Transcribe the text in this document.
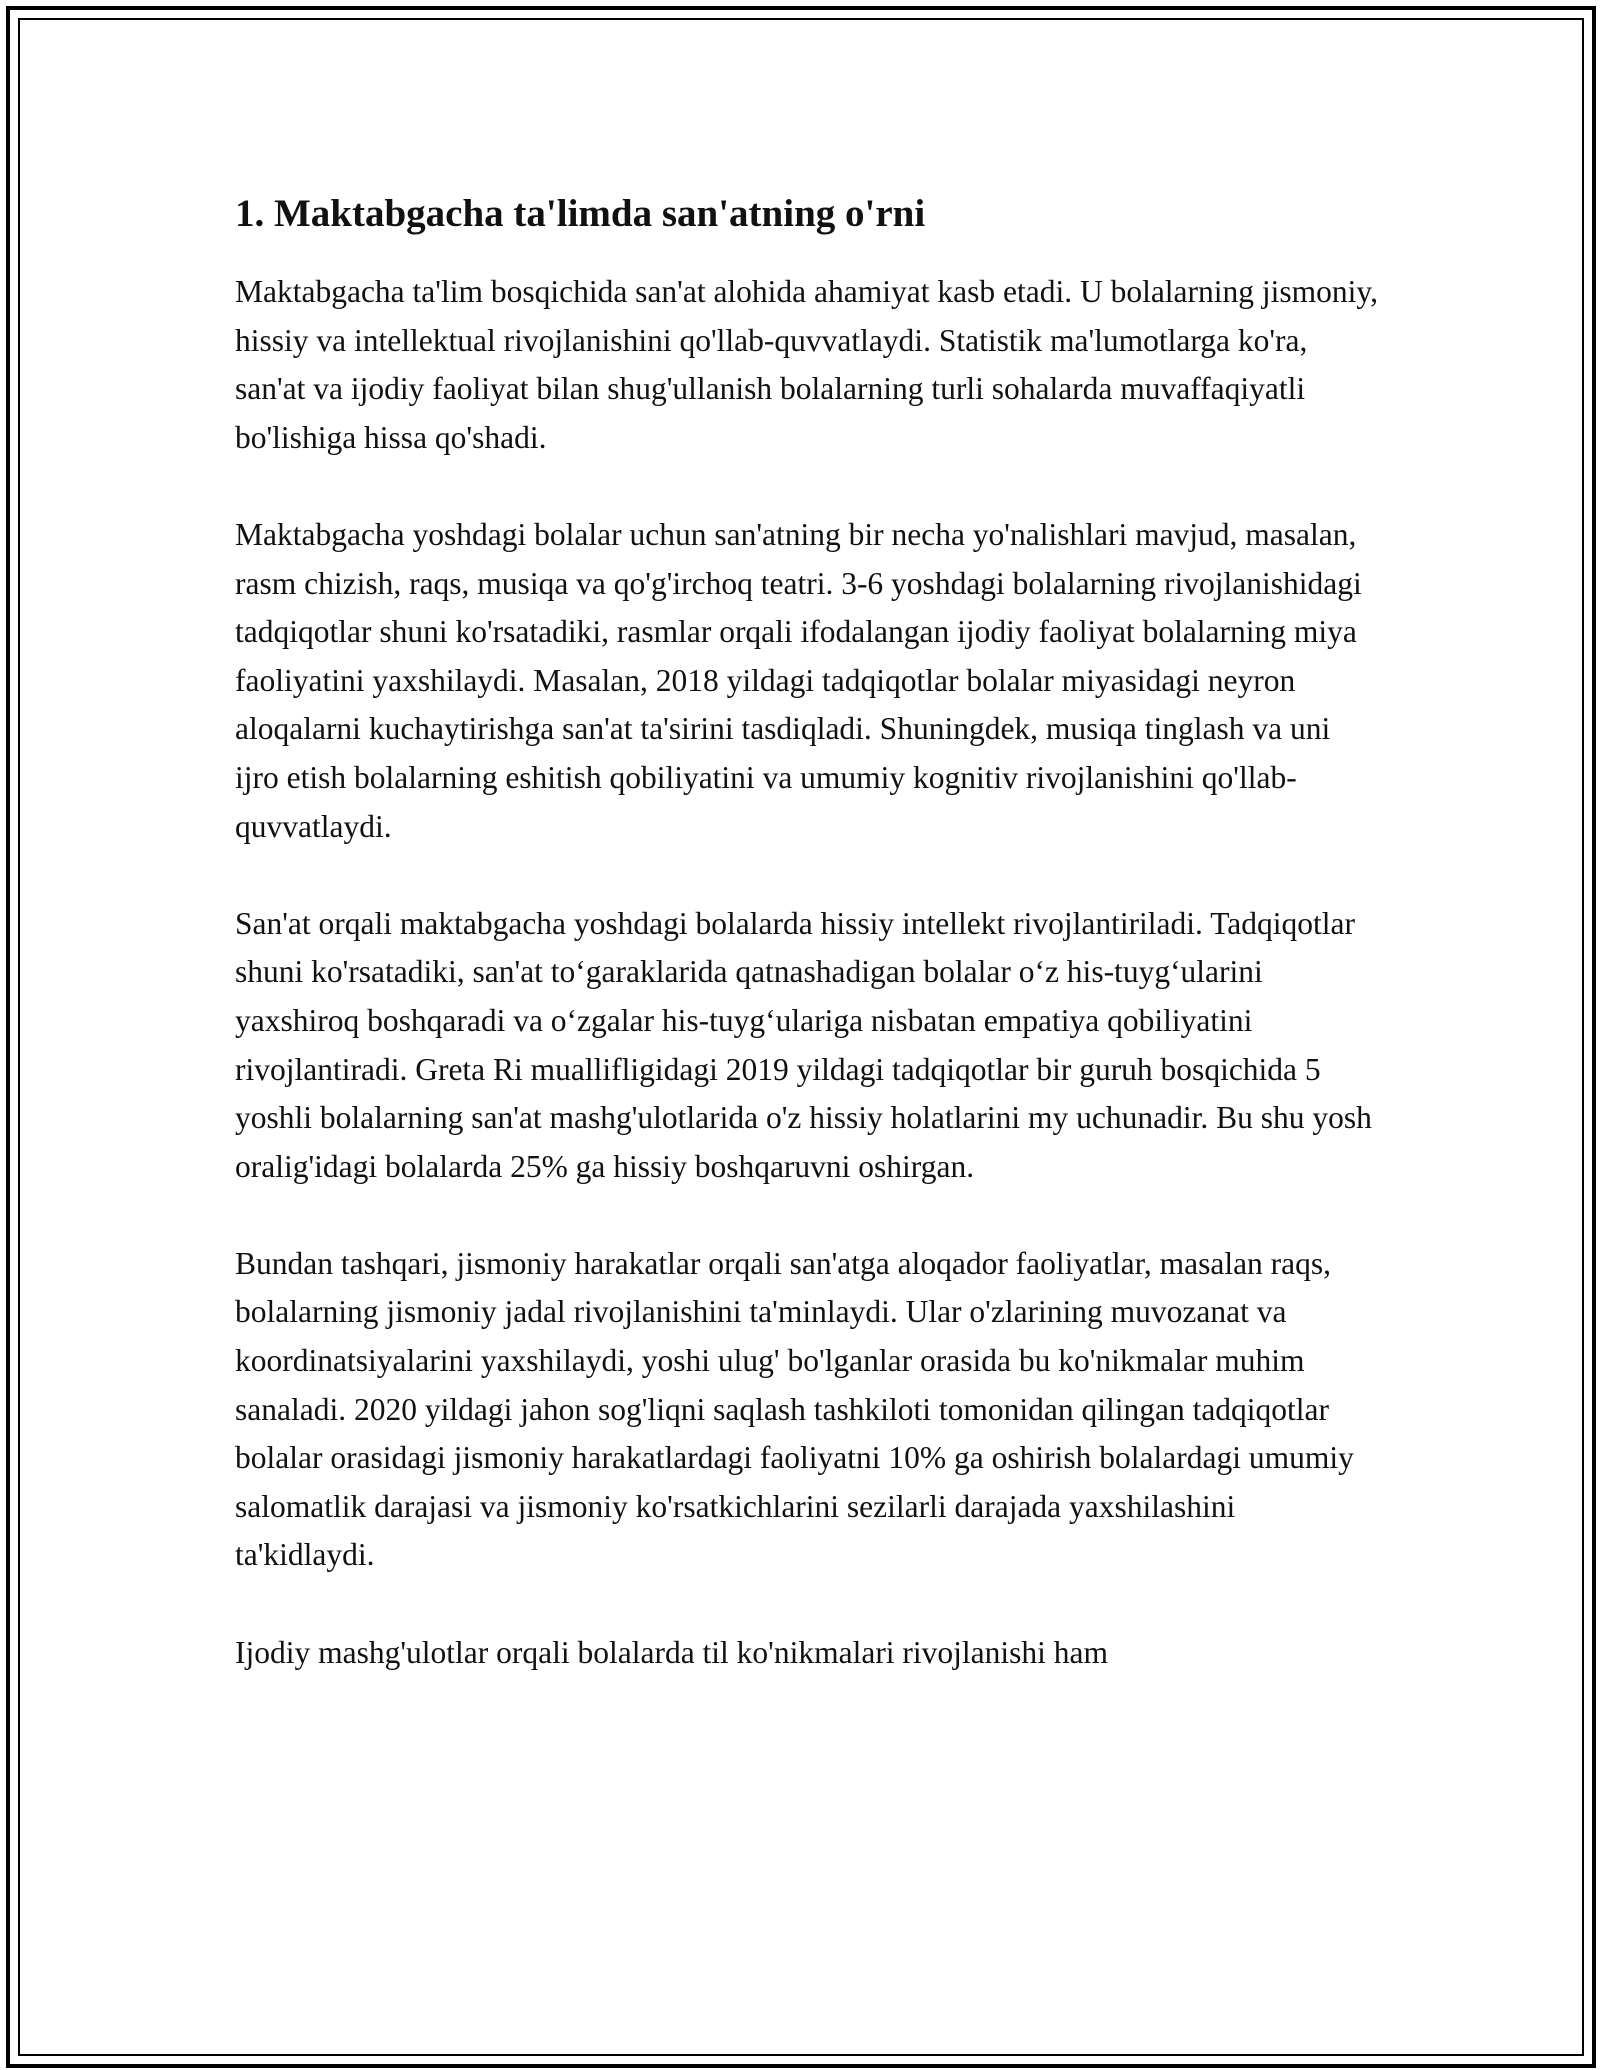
1. Maktabgacha ta'limda san'atning o'rni

Maktabgacha ta'lim bosqichida san'at alohida ahamiyat kasb etadi. U bolalarning jismoniy, hissiy va intellektual rivojlanishini qo'llab-quvvatlaydi. Statistik ma'lumotlarga ko'ra, san'at va ijodiy faoliyat bilan shug'ullanish bolalarning turli sohalarda muvaffaqiyatli bo'lishiga hissa qo'shadi.

Maktabgacha yoshdagi bolalar uchun san'atning bir necha yo'nalishlari mavjud, masalan, rasm chizish, raqs, musiqa va qo'g'irchoq teatri. 3-6 yoshdagi bolalarning rivojlanishidagi tadqiqotlar shuni ko'rsatadiki, rasmlar orqali ifodalangan ijodiy faoliyat bolalarning miya faoliyatini yaxshilaydi. Masalan, 2018 yildagi tadqiqotlar bolalar miyasidagi neyron aloqalarni kuchaytirishga san'at ta'sirini tasdiqladi. Shuningdek, musiqa tinglash va uni ijro etish bolalarning eshitish qobiliyatini va umumiy kognitiv rivojlanishini qo'llab-quvvatlaydi.

San'at orqali maktabgacha yoshdagi bolalarda hissiy intellekt rivojlantiriladi. Tadqiqotlar shuni ko'rsatadiki, san'at to‘garaklarida qatnashadigan bolalar o‘z his-tuyg‘ularini yaxshiroq boshqaradi va o‘zgalar his-tuyg‘ulariga nisbatan empatiya qobiliyatini rivojlantiradi. Greta Ri muallifligidagi 2019 yildagi tadqiqotlar bir guruh bosqichida 5 yoshli bolalarning san'at mashg'ulotlarida o'z hissiy holatlarini my uchunadir. Bu shu yosh oralig'idagi bolalarda 25% ga hissiy boshqaruvni oshirgan.

Bundan tashqari, jismoniy harakatlar orqali san'atga aloqador faoliyatlar, masalan raqs, bolalarning jismoniy jadal rivojlanishini ta'minlaydi. Ular o'zlarining muvozanat va koordinatsiyalarini yaxshilaydi, yoshi ulug' bo'lganlar orasida bu ko'nikmalar muhim sanaladi. 2020 yildagi jahon sog'liqni saqlash tashkiloti tomonidan qilingan tadqiqotlar bolalar orasidagi jismoniy harakatlardagi faoliyatni 10% ga oshirish bolalardagi umumiy salomatlik darajasi va jismoniy ko'rsatkichlarini sezilarli darajada yaxshilashini ta'kidlaydi.

Ijodiy mashg'ulotlar orqali bolalarda til ko'nikmalari rivojlanishi ham
